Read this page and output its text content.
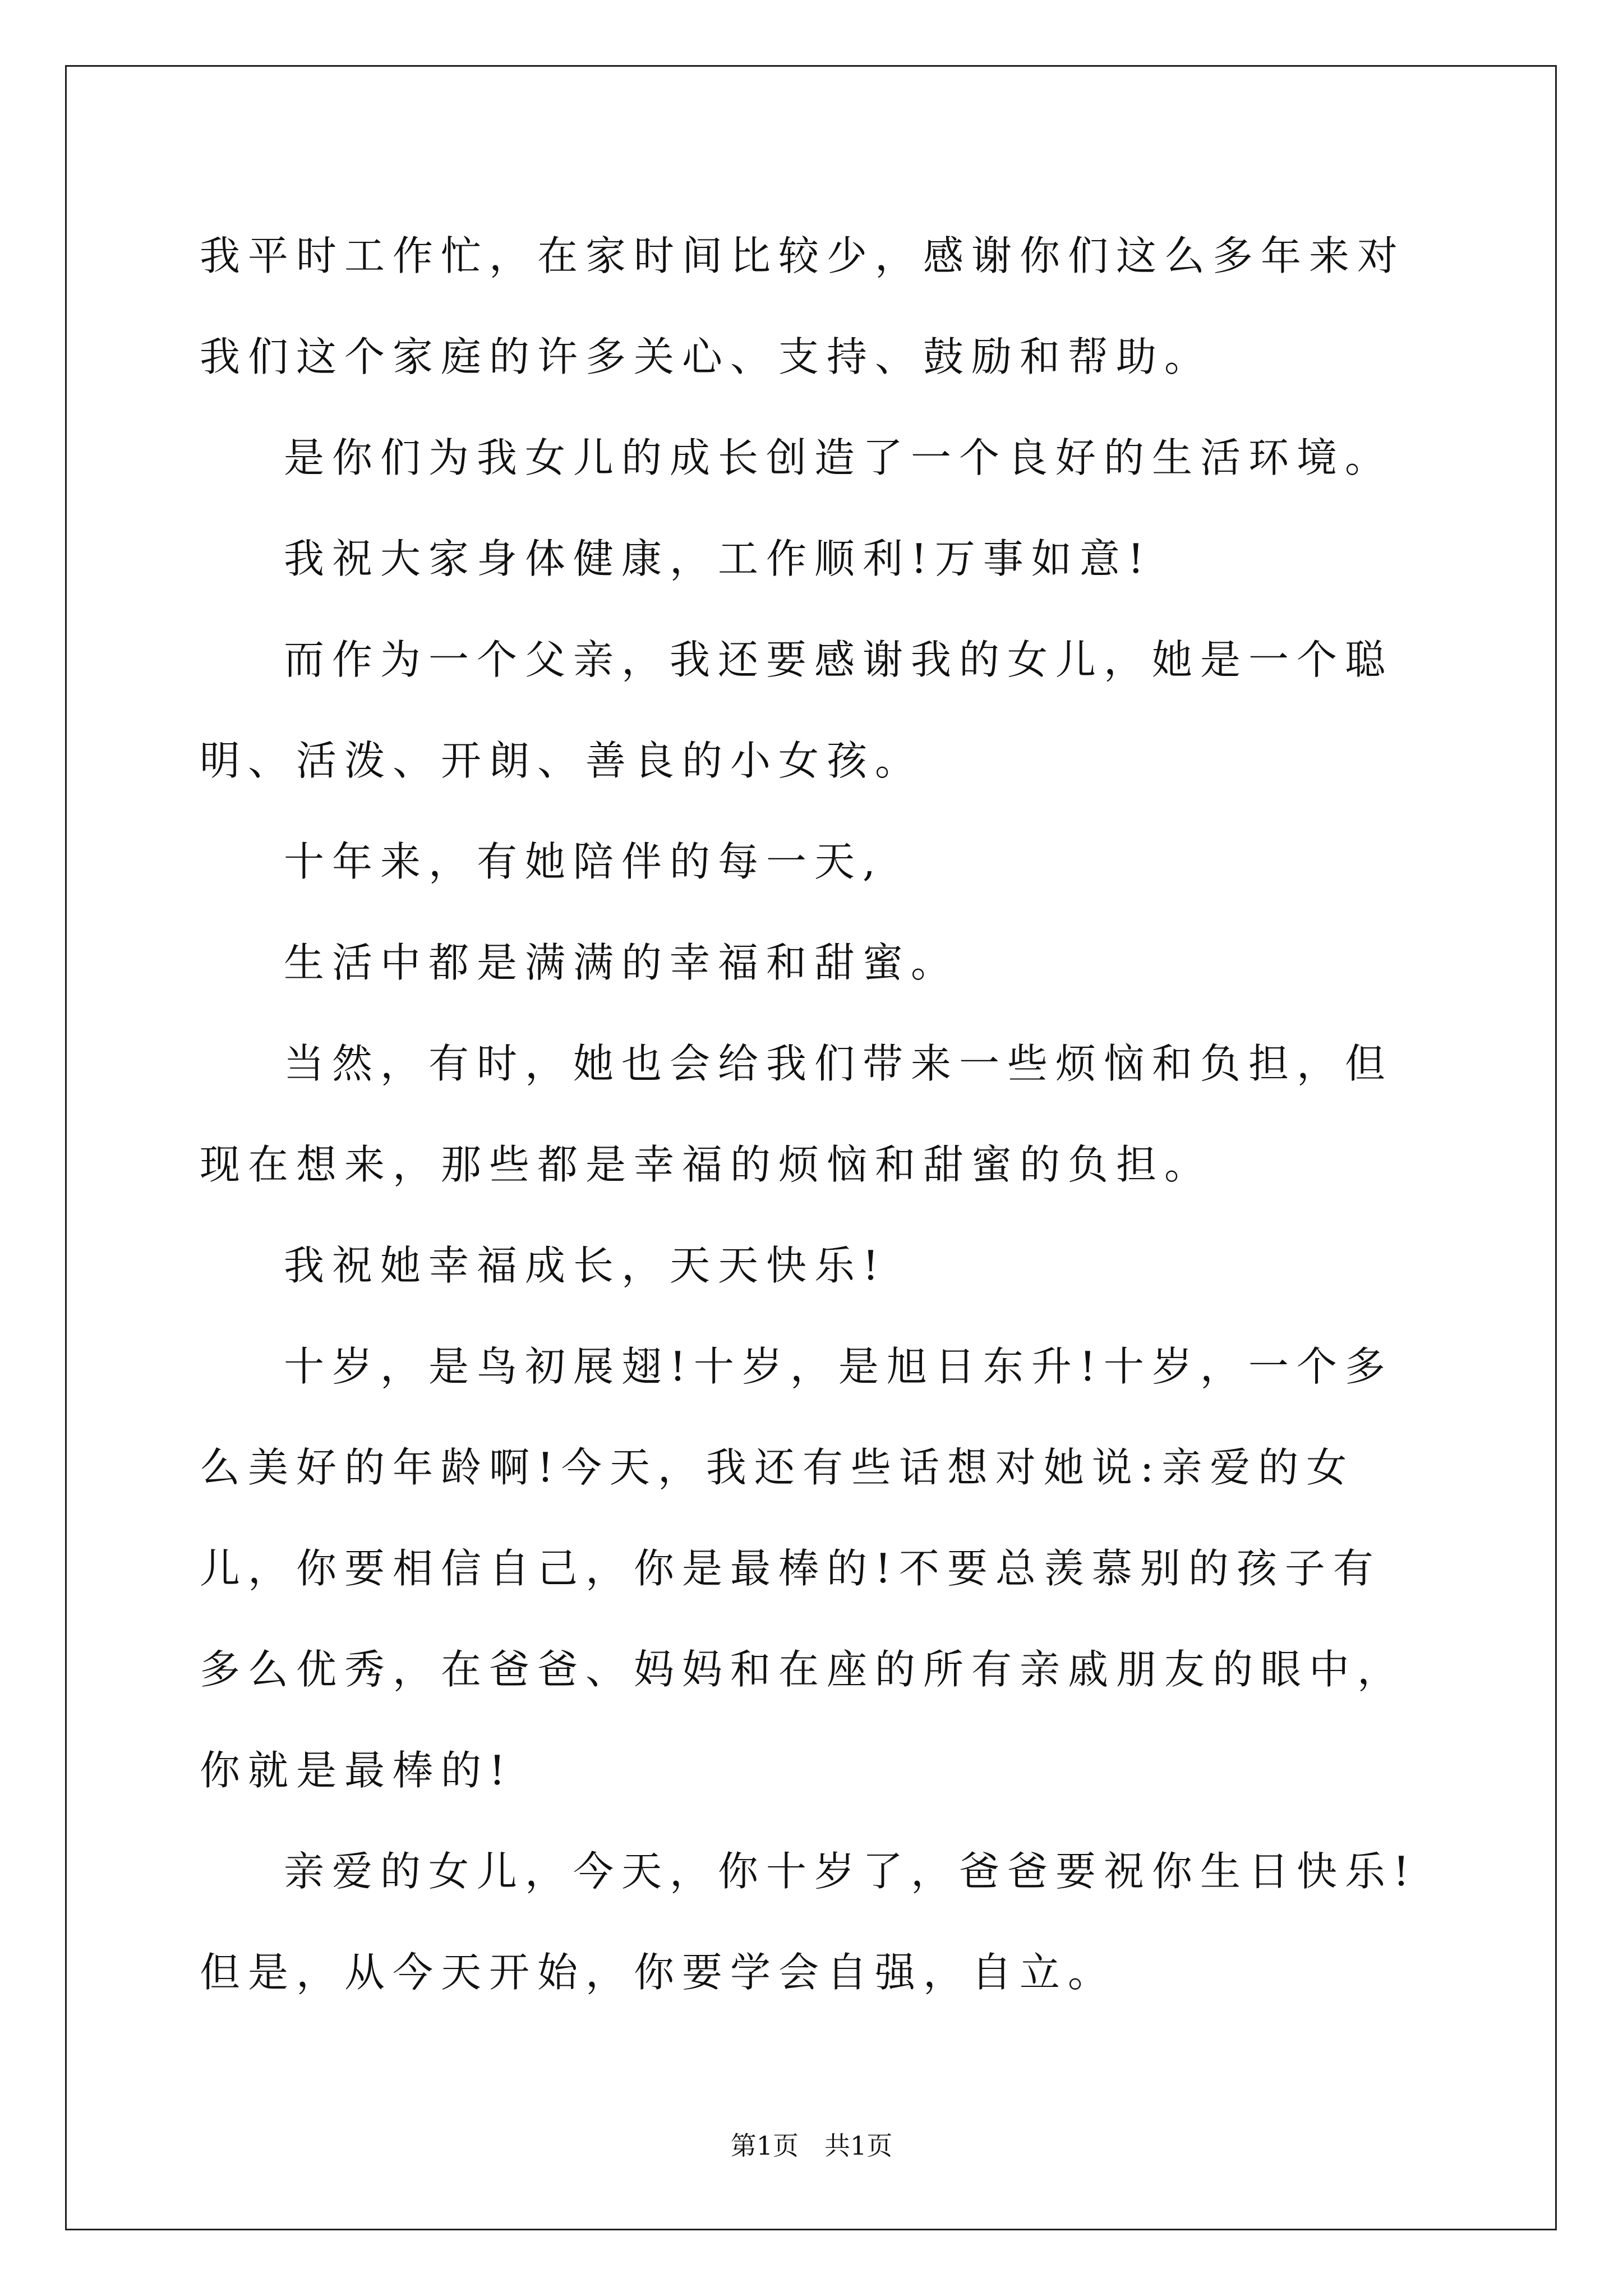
我平时工作忙，在家时间比较少，感谢你们这么多年来对我们这个家庭的许多关心、支持、鼓励和帮助。

是你们为我女儿的成长创造了一个良好的生活环境。

我祝大家身体健康，工作顺利!万事如意!

而作为一个父亲，我还要感谢我的女儿，她是一个聪明、活泼、开朗、善良的小女孩。

十年来，有她陪伴的每一天,

生活中都是满满的幸福和甜蜜。

当然，有时，她也会给我们带来一些烦恼和负担，但现在想来，那些都是幸福的烦恼和甜蜜的负担。

我祝她幸福成长，天天快乐!

十岁，是鸟初展翅!十岁，是旭日东升!十岁，一个多么美好的年龄啊!今天，我还有些话想对她说:亲爱的女儿，你要相信自己，你是最棒的!不要总羡慕别的孩子有多么优秀，在爸爸、妈妈和在座的所有亲戚朋友的眼中，你就是最棒的!

亲爱的女儿，今天，你十岁了，爸爸要祝你生日快乐!但是，从今天开始，你要学会自强，自立。

第1页 共1页
